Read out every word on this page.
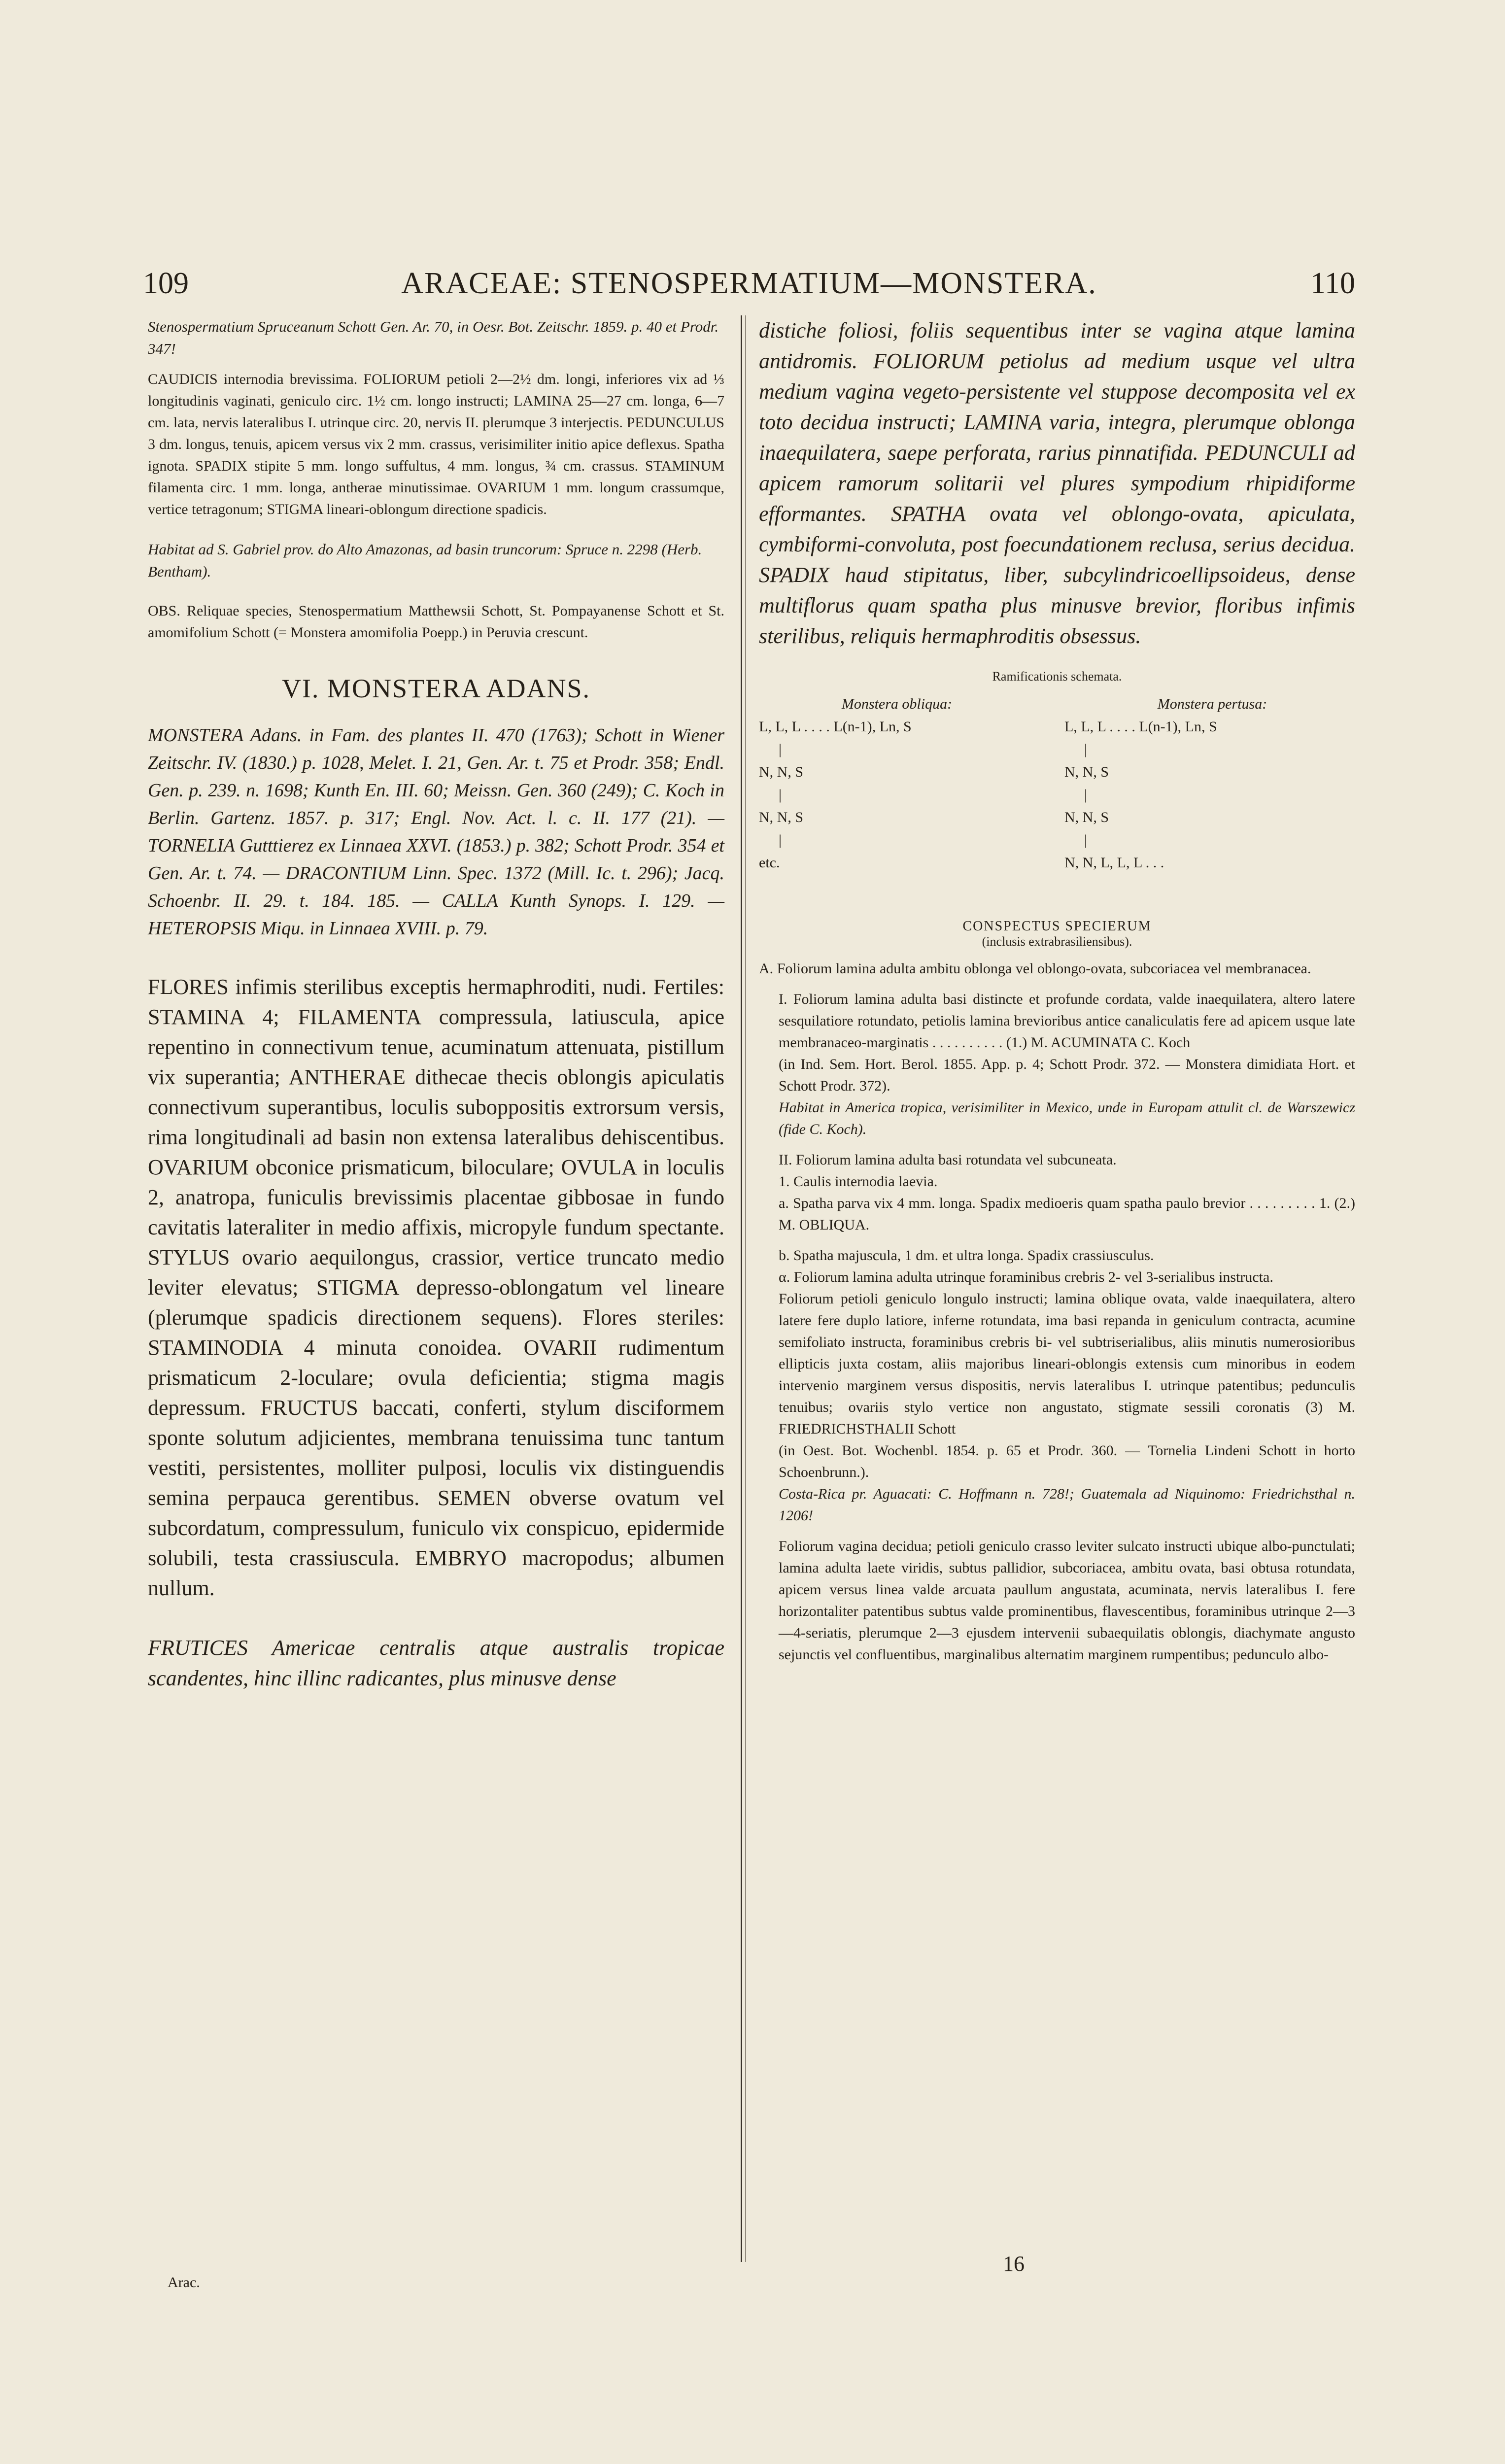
109	ARACEAE: STENOSPERMATIUM—MONSTERA.	110

Stenospermatium Spruceanum Schott Gen. Ar. 70, in Oesr. Bot. Zeitschr. 1859. p. 40 et Prodr. 347!

CAUDICIS internodia brevissima. FOLIORUM petioli 2—2½ dm. longi, inferiores vix ad ⅓ longitudinis vaginati, geniculo circ. 1½ cm. longo instructi; LAMINA 25—27 cm. longa, 6—7 cm. lata, nervis lateralibus I. utrinque circ. 20, nervis II. plerumque 3 interjectis. PEDUNCULUS 3 dm. longus, tenuis, apicem versus vix 2 mm. crassus, verisimiliter initio apice deflexus. Spatha ignota. SPADIX stipite 5 mm. longo suffultus, 4 mm. longus, ¾ cm. crassus. STAMINUM filamenta circ. 1 mm. longa, antherae minutissimae. OVARIUM 1 mm. longum crassumque, vertice tetragonum; STIGMA lineari-oblongum directione spadicis.

Habitat ad S. Gabriel prov. do Alto Amazonas, ad basin truncorum: Spruce n. 2298 (Herb. Bentham).

OBS. Reliquae species, Stenospermatium Matthewsii Schott, St. Pompayanense Schott et St. amomifolium Schott (= Monstera amomifolia Poepp.) in Peruvia crescunt.

VI. MONSTERA ADANS.

MONSTERA Adans. in Fam. des plantes II. 470 (1763); Schott in Wiener Zeitschr. IV. (1830.) p. 1028, Melet. I. 21, Gen. Ar. t. 75 et Prodr. 358; Endl. Gen. p. 239. n. 1698; Kunth En. III. 60; Meissn. Gen. 360 (249); C. Koch in Berlin. Gartenz. 1857. p. 317; Engl. Nov. Act. l. c. II. 177 (21). — TORNELIA Gutttierez ex Linnaea XXVI. (1853.) p. 382; Schott Prodr. 354 et Gen. Ar. t. 74. — DRACONTIUM Linn. Spec. 1372 (Mill. Ic. t. 296); Jacq. Schoenbr. II. 29. t. 184. 185. — CALLA Kunth Synops. I. 129. — HETEROPSIS Miqu. in Linnaea XVIII. p. 79.

FLORES infimis sterilibus exceptis hermaphroditi, nudi. Fertiles: STAMINA 4; FILAMENTA compressula, latiuscula, apice repentino in connectivum tenue, acuminatum attenuata, pistillum vix superantia; ANTHERAE dithecae thecis oblongis apiculatis connectivum superantibus, loculis suboppositis extrorsum versis, rima longitudinali ad basin non extensa lateralibus dehiscentibus. OVARIUM obconice prismaticum, biloculare; OVULA in loculis 2, anatropa, funiculis brevissimis placentae gibbosae in fundo cavitatis lateraliter in medio affixis, micropyle fundum spectante. STYLUS ovario aequilongus, crassior, vertice truncato medio leviter elevatus; STIGMA depresso-oblongatum vel lineare (plerumque spadicis directionem sequens). Flores steriles: STAMINODIA 4 minuta conoidea. OVARII rudimentum prismaticum 2-loculare; ovula deficientia; stigma magis depressum. FRUCTUS baccati, conferti, stylum disciformem sponte solutum adjicientes, membrana tenuissima tunc tantum vestiti, persistentes, molliter pulposi, loculis vix distinguendis semina perpauca gerentibus. SEMEN obverse ovatum vel subcordatum, compressulum, funiculo vix conspicuo, epidermide solubili, testa crassiuscula. EMBRYO macropodus; albumen nullum.

FRUTICES Americae centralis atque australis tropicae scandentes, hinc illinc radicantes, plus minusve dense

distiche foliosi, foliis sequentibus inter se vagina atque lamina antidromis. FOLIORUM petiolus ad medium usque vel ultra medium vagina vegeto-persistente vel stuppose decomposita vel ex toto decidua instructi; LAMINA varia, integra, plerumque oblonga inaequilatera, saepe perforata, rarius pinnatifida. PEDUNCULI ad apicem ramorum solitarii vel plures sympodium rhipidiforme efformantes. SPATHA ovata vel oblongo-ovata, apiculata, cymbiformi-convoluta, post foecundationem reclusa, serius decidua. SPADIX haud stipitatus, liber, subcylindricoellipsoideus, dense multiflorus quam spatha plus minusve brevior, floribus infimis sterilibus, reliquis hermaphroditis obsessus.

Ramificationis schemata.

Monstera obliqua:
L, L, L . . . . L(n-1), Ln, S
|
N, N, S
|
N, N, S
|
etc.
Monstera pertusa:
L, L, L . . . . L(n-1), Ln, S
|
N, N, S
|
N, N, S
|
N, N, L, L, L . . .

CONSPECTUS SPECIERUM

(inclusis extrabrasiliensibus).

A. Foliorum lamina adulta ambitu oblonga vel oblongo-ovata, subcoriacea vel membranacea.

I. Foliorum lamina adulta basi distincte et profunde cordata, valde inaequilatera, altero latere sesquilatiore rotundato, petiolis lamina brevioribus antice canaliculatis fere ad apicem usque late membranaceo-marginatis . . . . . . . . . . (1.) M. ACUMINATA C. Koch

(in Ind. Sem. Hort. Berol. 1855. App. p. 4; Schott Prodr. 372. — Monstera dimidiata Hort. et Schott Prodr. 372).

Habitat in America tropica, verisimiliter in Mexico, unde in Europam attulit cl. de Warszewicz (fide C. Koch).

II. Foliorum lamina adulta basi rotundata vel subcuneata.

1. Caulis internodia laevia.

a. Spatha parva vix 4 mm. longa. Spadix medioeris quam spatha paulo brevior . . . . . . . . . 1. (2.) M. OBLIQUA.

b. Spatha majuscula, 1 dm. et ultra longa. Spadix crassiusculus.

α. Foliorum lamina adulta utrinque foraminibus crebris 2- vel 3-serialibus instructa.

Foliorum petioli geniculo longulo instructi; lamina oblique ovata, valde inaequilatera, altero latere fere duplo latiore, inferne rotundata, ima basi repanda in geniculum contracta, acumine semifoliato instructa, foraminibus crebris bi- vel subtriserialibus, aliis minutis numerosioribus ellipticis juxta costam, aliis majoribus lineari-oblongis extensis cum minoribus in eodem intervenio marginem versus dispositis, nervis lateralibus I. utrinque patentibus; pedunculis tenuibus; ovariis stylo vertice non angustato, stigmate sessili coronatis (3) M. FRIEDRICHSTHALII Schott

(in Oest. Bot. Wochenbl. 1854. p. 65 et Prodr. 360. — Tornelia Lindeni Schott in horto Schoenbrunn.).

Costa-Rica pr. Aguacati: C. Hoffmann n. 728!; Guatemala ad Niquinomo: Friedrichsthal n. 1206!

Foliorum vagina decidua; petioli geniculo crasso leviter sulcato instructi ubique albo-punctulati; lamina adulta laete viridis, subtus pallidior, subcoriacea, ambitu ovata, basi obtusa rotundata, apicem versus linea valde arcuata paullum angustata, acuminata, nervis lateralibus I. fere horizontaliter patentibus subtus valde prominentibus, flavescentibus, foraminibus utrinque 2—3—4-seriatis, plerumque 2—3 ejusdem intervenii subaequilatis oblongis, diachymate angusto sejunctis vel confluentibus, marginalibus alternatim marginem rumpentibus; pedunculo albo-

Arac.
16
